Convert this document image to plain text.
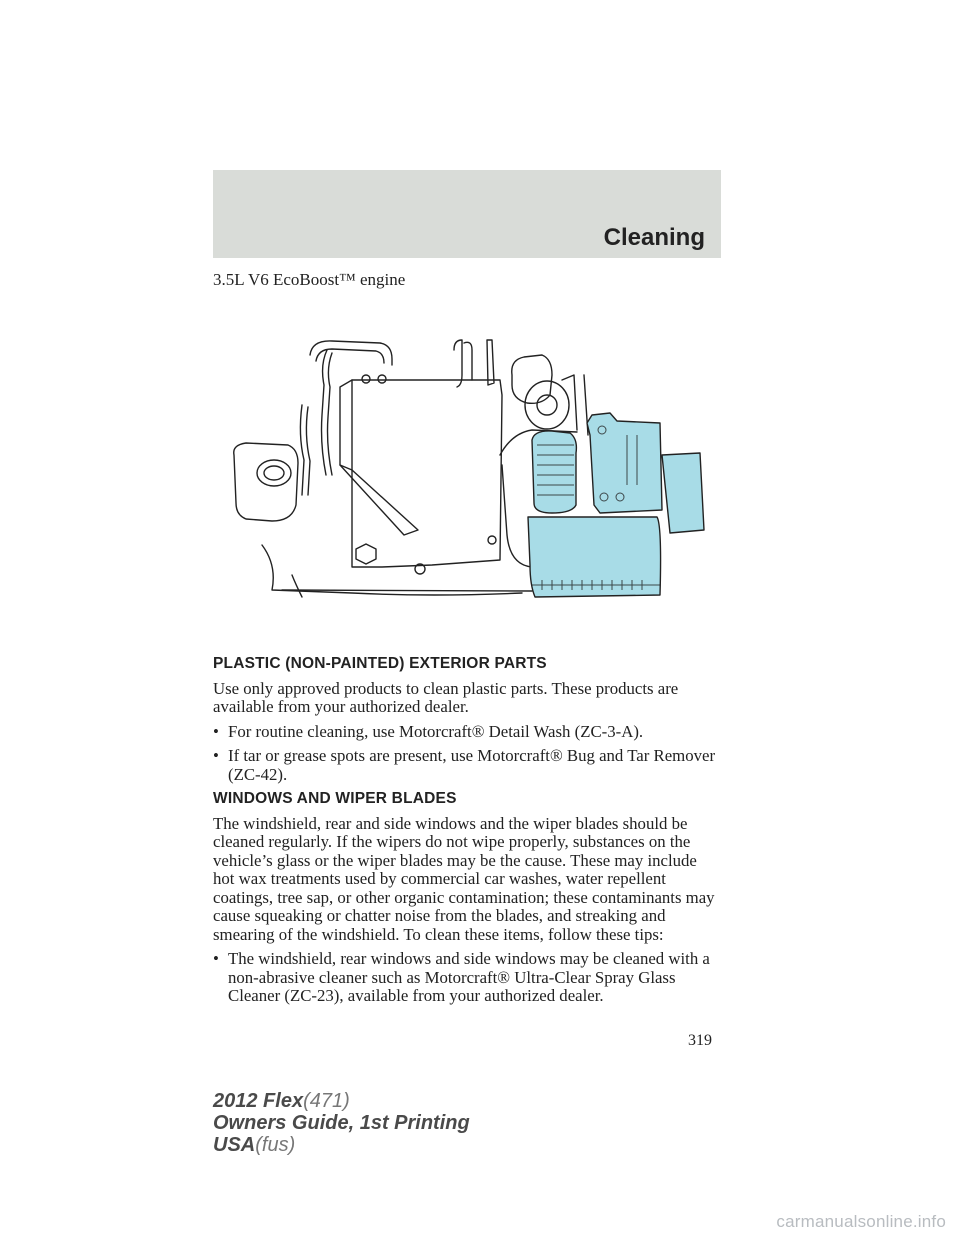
Cleaning
3.5L V6 EcoBoost™ engine
PLASTIC (NON-PAINTED) EXTERIOR PARTS

Use only approved products to clean plastic parts. These products are available from your authorized dealer.

• For routine cleaning, use Motorcraft® Detail Wash (ZC-3-A).
• If tar or grease spots are present, use Motorcraft® Bug and Tar Remover (ZC-42).
WINDOWS AND WIPER BLADES

The windshield, rear and side windows and the wiper blades should be cleaned regularly. If the wipers do not wipe properly, substances on the vehicle’s glass or the wiper blades may be the cause. These may include hot wax treatments used by commercial car washes, water repellent coatings, tree sap, or other organic contamination; these contaminants may cause squeaking or chatter noise from the blades, and streaking and smearing of the windshield. To clean these items, follow these tips:

• The windshield, rear windows and side windows may be cleaned with a non-abrasive cleaner such as Motorcraft® Ultra-Clear Spray Glass Cleaner (ZC-23), available from your authorized dealer.
319
2012 Flex(471)
Owners Guide, 1st Printing
USA(fus)
carmanualsonline.info
